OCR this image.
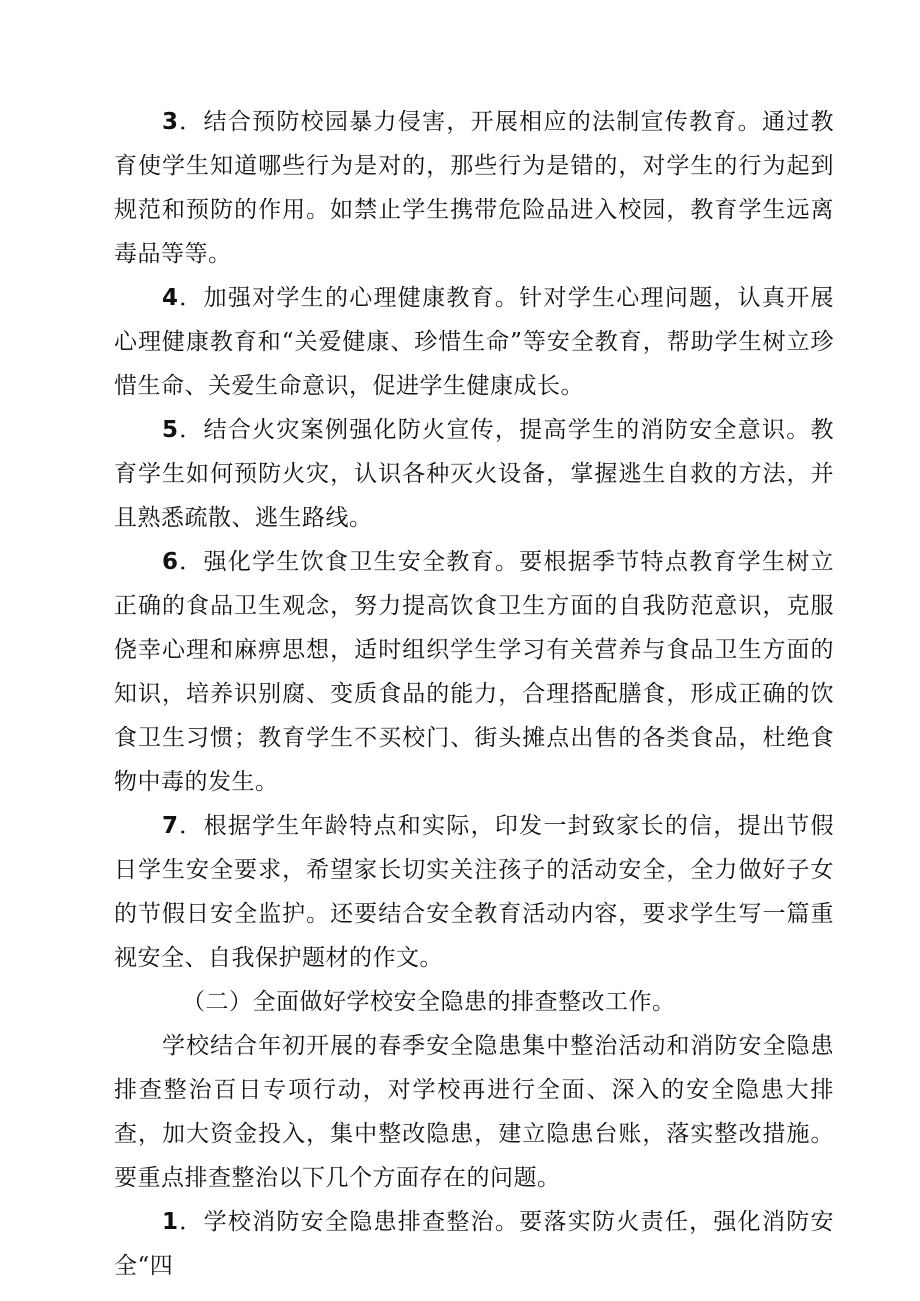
3．结合预防校园暴力侵害，开展相应的法制宣传教育。通过教育使学生知道哪些行为是对的，那些行为是错的，对学生的行为起到规范和预防的作用。如禁止学生携带危险品进入校园，教育学生远离毒品等等。

4．加强对学生的心理健康教育。针对学生心理问题，认真开展心理健康教育和“关爱健康、珍惜生命”等安全教育，帮助学生树立珍惜生命、关爱生命意识，促进学生健康成长。

5．结合火灾案例强化防火宣传，提高学生的消防安全意识。教育学生如何预防火灾，认识各种灭火设备，掌握逃生自救的方法，并且熟悉疏散、逃生路线。

6．强化学生饮食卫生安全教育。要根据季节特点教育学生树立正确的食品卫生观念，努力提高饮食卫生方面的自我防范意识，克服侥幸心理和麻痹思想，适时组织学生学习有关营养与食品卫生方面的知识，培养识别腐、变质食品的能力，合理搭配膳食，形成正确的饮食卫生习惯；教育学生不买校门、街头摊点出售的各类食品，杜绝食物中毒的发生。

7．根据学生年龄特点和实际，印发一封致家长的信，提出节假日学生安全要求，希望家长切实关注孩子的活动安全，全力做好子女的节假日安全监护。还要结合安全教育活动内容，要求学生写一篇重视安全、自我保护题材的作文。

（二）全面做好学校安全隐患的排查整改工作。

学校结合年初开展的春季安全隐患集中整治活动和消防安全隐患排查整治百日专项行动，对学校再进行全面、深入的安全隐患大排查，加大资金投入，集中整改隐患，建立隐患台账，落实整改措施。要重点排查整治以下几个方面存在的问题。

1．学校消防安全隐患排查整治。要落实防火责任，强化消防安全“四
